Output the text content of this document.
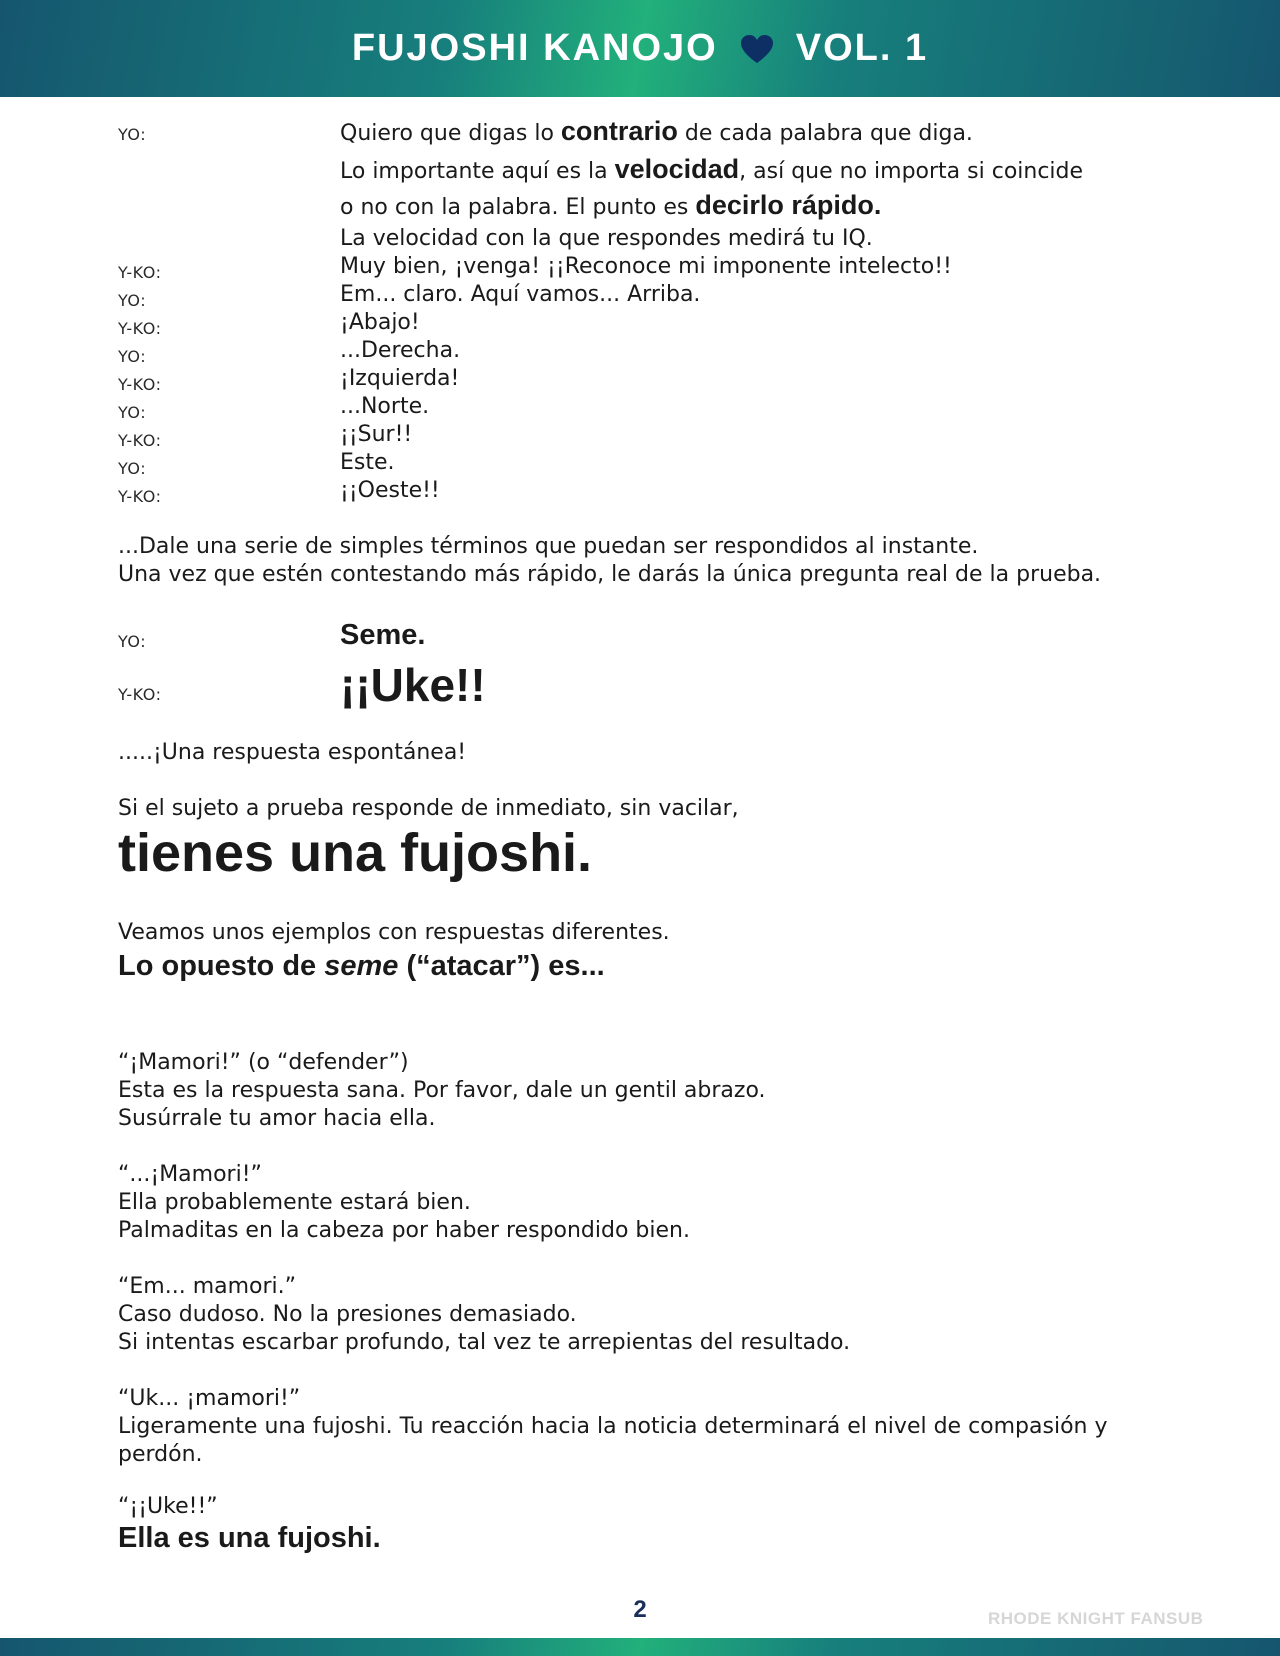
FUJOSHI KANOJO VOL. 1
YO:	Quiero que digas lo contrario de cada palabra que diga.
Lo importante aquí es la velocidad, así que no importa si coincide
o no con la palabra. El punto es decirlo rápido.
La velocidad con la que respondes medirá tu IQ.
Y-KO:	Muy bien, ¡venga! ¡¡Reconoce mi imponente intelecto!!
YO:	Em... claro. Aquí vamos... Arriba.
Y-KO:	¡Abajo!
YO:	...Derecha.
Y-KO:	¡Izquierda!
YO:	...Norte.
Y-KO:	¡¡Sur!!
YO:	Este.
Y-KO:	¡¡Oeste!!
...Dale una serie de simples términos que puedan ser respondidos al instante.
Una vez que estén contestando más rápido, le darás la única pregunta real de la prueba.
YO:	Seme.
Y-KO:	¡¡Uke!!
.....¡Una respuesta espontánea!
Si el sujeto a prueba responde de inmediato, sin vacilar,
tienes una fujoshi.
Veamos unos ejemplos con respuestas diferentes.
Lo opuesto de seme (“atacar”) es...
“¡Mamori!” (o “defender”)
Esta es la respuesta sana. Por favor, dale un gentil abrazo.
Susúrrale tu amor hacia ella.
“...¡Mamori!”
Ella probablemente estará bien.
Palmaditas en la cabeza por haber respondido bien.
“Em... mamori.”
Caso dudoso. No la presiones demasiado.
Si intentas escarbar profundo, tal vez te arrepientas del resultado.
“Uk... ¡mamori!”
Ligeramente una fujoshi. Tu reacción hacia la noticia determinará el nivel de compasión y
perdón.
“¡¡Uke!!”
Ella es una fujoshi.
2	RHODE KNIGHT FANSUB
